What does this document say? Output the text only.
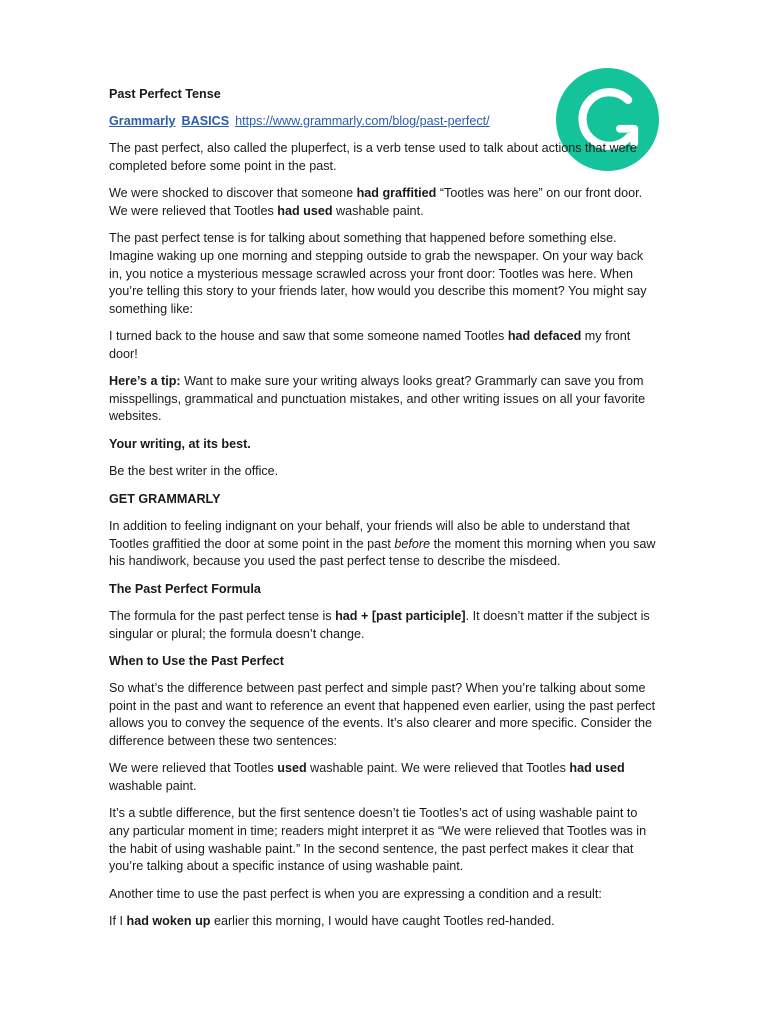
Past Perfect Tense

Grammarly BASICS https://www.grammarly.com/blog/past-perfect/

The past perfect, also called the pluperfect, is a verb tense used to talk about actions that were completed before some point in the past.

We were shocked to discover that someone had graffitied “Tootles was here” on our front door. We were relieved that Tootles had used washable paint.

The past perfect tense is for talking about something that happened before something else. Imagine waking up one morning and stepping outside to grab the newspaper. On your way back in, you notice a mysterious message scrawled across your front door: Tootles was here. When you’re telling this story to your friends later, how would you describe this moment? You might say something like:

I turned back to the house and saw that some someone named Tootles had defaced my front door!

Here’s a tip: Want to make sure your writing always looks great? Grammarly can save you from misspellings, grammatical and punctuation mistakes, and other writing issues on all your favorite websites.

Your writing, at its best.

Be the best writer in the office.

GET GRAMMARLY

In addition to feeling indignant on your behalf, your friends will also be able to understand that Tootles graffitied the door at some point in the past before the moment this morning when you saw his handiwork, because you used the past perfect tense to describe the misdeed.

The Past Perfect Formula

The formula for the past perfect tense is had + [past participle]. It doesn’t matter if the subject is singular or plural; the formula doesn’t change.

When to Use the Past Perfect

So what’s the difference between past perfect and simple past? When you’re talking about some point in the past and want to reference an event that happened even earlier, using the past perfect allows you to convey the sequence of the events. It’s also clearer and more specific. Consider the difference between these two sentences:

We were relieved that Tootles used washable paint. We were relieved that Tootles had used washable paint.

It’s a subtle difference, but the first sentence doesn’t tie Tootles’s act of using washable paint to any particular moment in time; readers might interpret it as “We were relieved that Tootles was in the habit of using washable paint.” In the second sentence, the past perfect makes it clear that you’re talking about a specific instance of using washable paint.

Another time to use the past perfect is when you are expressing a condition and a result:

If I had woken up earlier this morning, I would have caught Tootles red-handed.
